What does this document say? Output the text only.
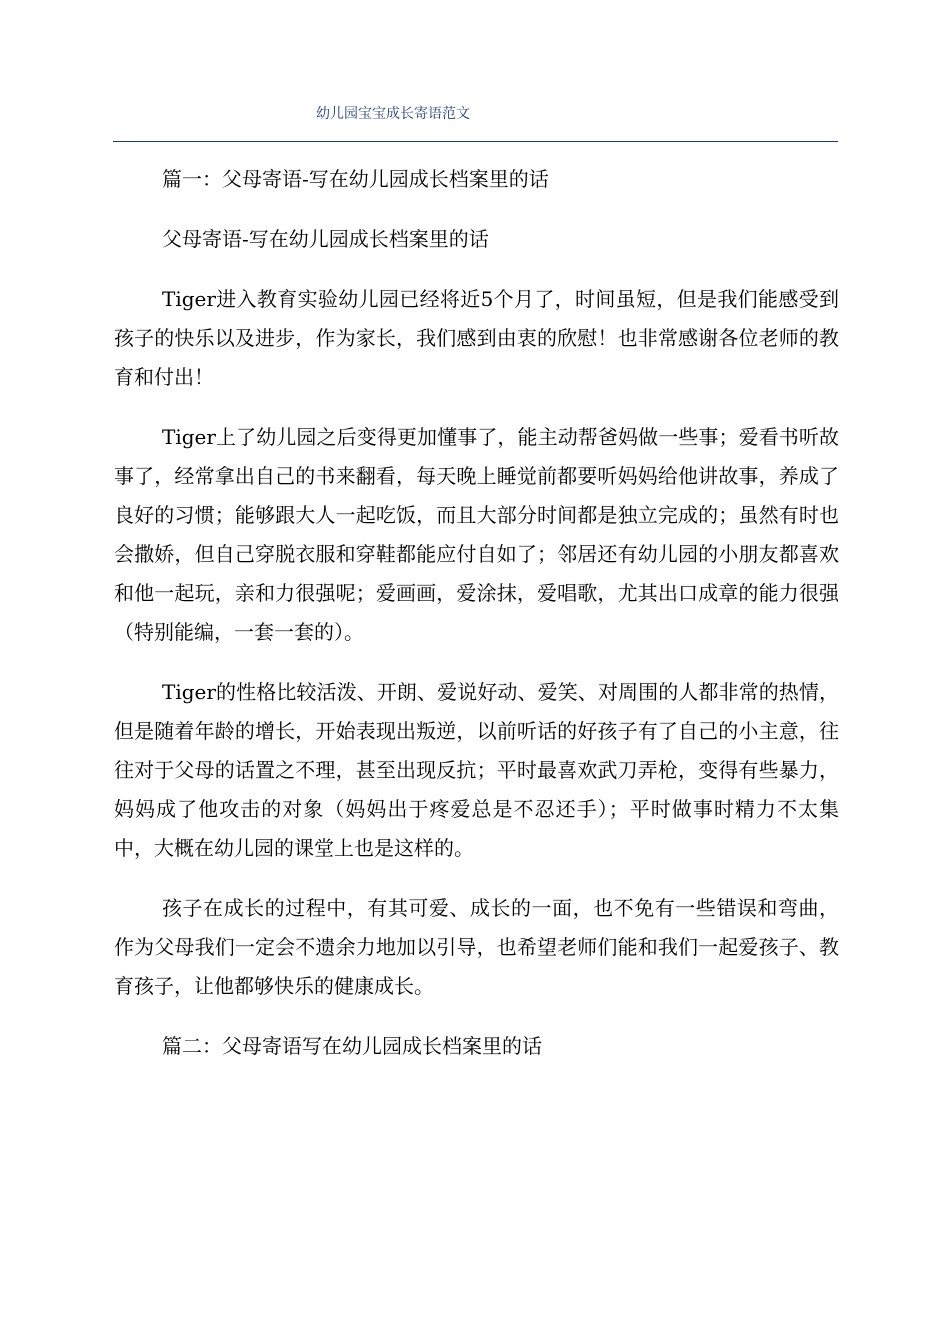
幼儿园宝宝成长寄语范文

篇一：父母寄语-写在幼儿园成长档案里的话

父母寄语-写在幼儿园成长档案里的话

Tiger进入教育实验幼儿园已经将近5个月了，时间虽短，但是我们能感受到孩子的快乐以及进步，作为家长，我们感到由衷的欣慰！也非常感谢各位老师的教育和付出！

Tiger上了幼儿园之后变得更加懂事了，能主动帮爸妈做一些事；爱看书听故事了，经常拿出自己的书来翻看，每天晚上睡觉前都要听妈妈给他讲故事，养成了良好的习惯；能够跟大人一起吃饭，而且大部分时间都是独立完成的；虽然有时也会撒娇，但自己穿脱衣服和穿鞋都能应付自如了；邻居还有幼儿园的小朋友都喜欢和他一起玩，亲和力很强呢；爱画画，爱涂抹，爱唱歌，尤其出口成章的能力很强（特别能编，一套一套的）。

Tiger的性格比较活泼、开朗、爱说好动、爱笑、对周围的人都非常的热情，但是随着年龄的增长，开始表现出叛逆，以前听话的好孩子有了自己的小主意，往往对于父母的话置之不理，甚至出现反抗；平时最喜欢武刀弄枪，变得有些暴力，妈妈成了他攻击的对象（妈妈出于疼爱总是不忍还手）；平时做事时精力不太集中，大概在幼儿园的课堂上也是这样的。

孩子在成长的过程中，有其可爱、成长的一面，也不免有一些错误和弯曲，作为父母我们一定会不遗余力地加以引导，也希望老师们能和我们一起爱孩子、教育孩子，让他都够快乐的健康成长。

篇二：父母寄语写在幼儿园成长档案里的话
